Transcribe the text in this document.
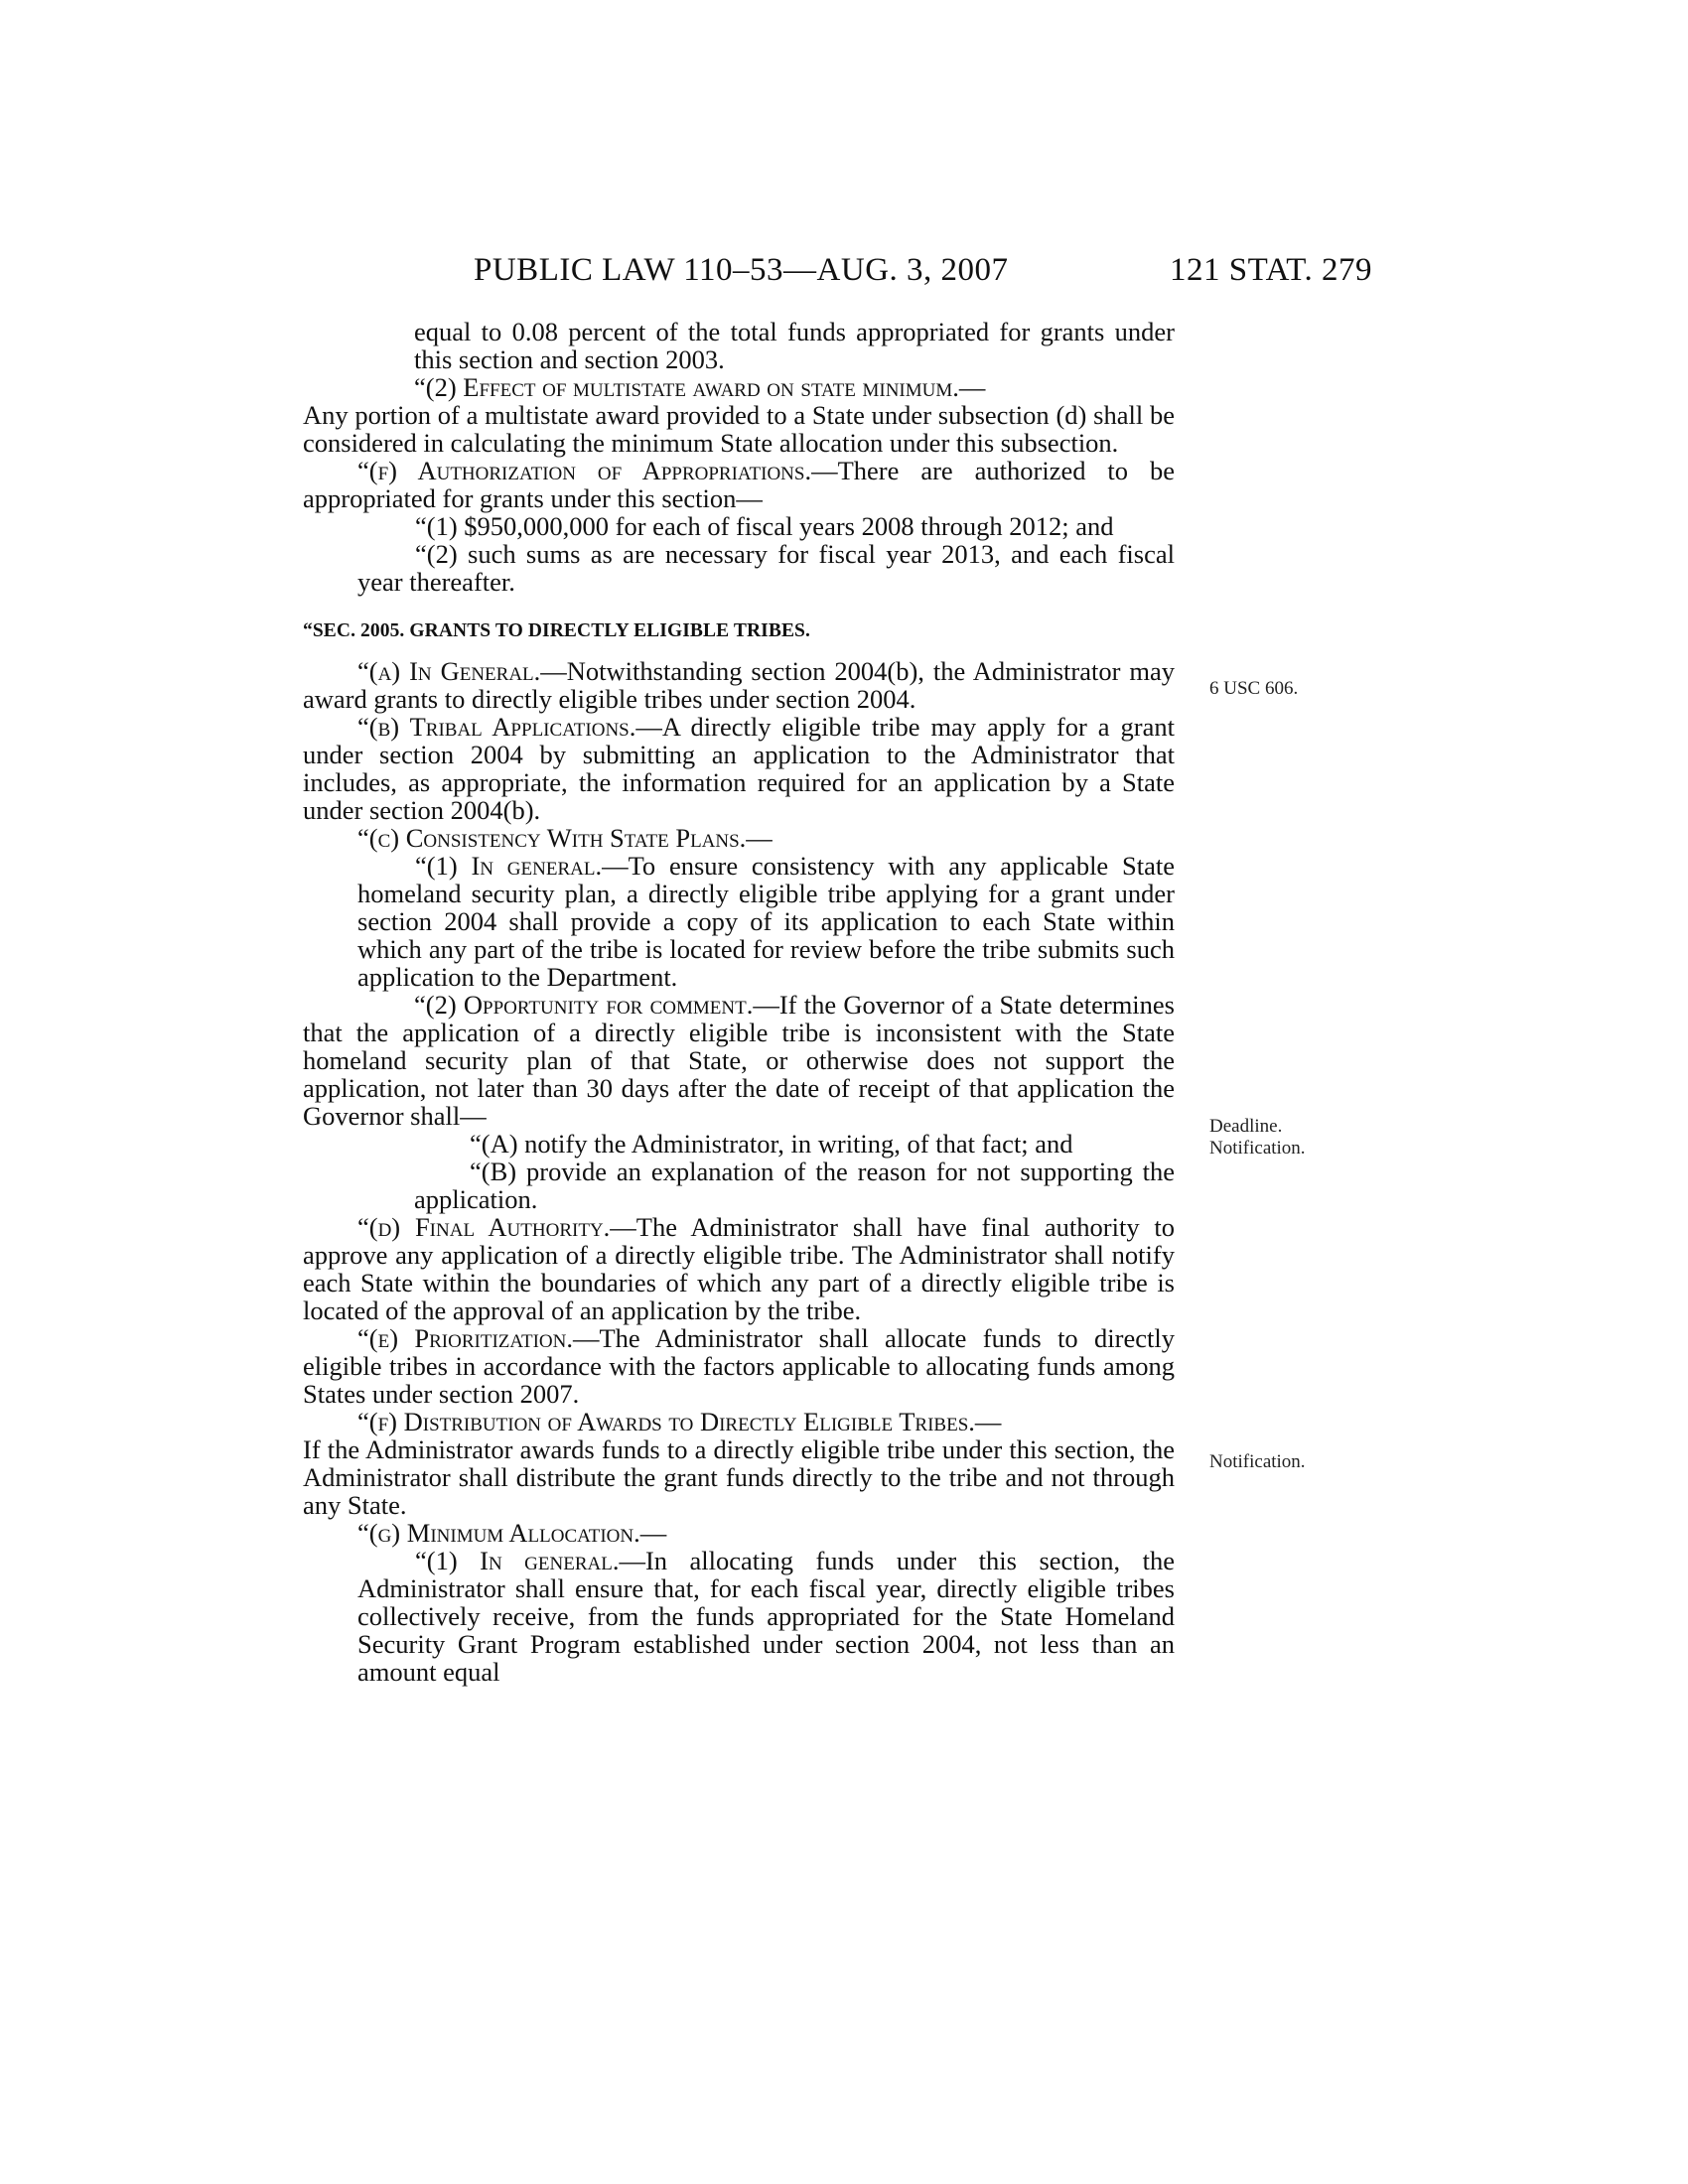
PUBLIC LAW 110–53—AUG. 3, 2007	121 STAT. 279

equal to 0.08 percent of the total funds appropriated for grants under this section and section 2003.

“(2) Effect of multistate award on state minimum.—

Any portion of a multistate award provided to a State under subsection (d) shall be considered in calculating the minimum State allocation under this subsection.

“(f) Authorization of Appropriations.—There are authorized to be appropriated for grants under this section—

“(1) $950,000,000 for each of fiscal years 2008 through 2012; and

“(2) such sums as are necessary for fiscal year 2013, and each fiscal year thereafter.

“SEC. 2005. GRANTS TO DIRECTLY ELIGIBLE TRIBES.

“(a) In General.—Notwithstanding section 2004(b), the Administrator may award grants to directly eligible tribes under section 2004.

“(b) Tribal Applications.—A directly eligible tribe may apply for a grant under section 2004 by submitting an application to the Administrator that includes, as appropriate, the information required for an application by a State under section 2004(b).

“(c) Consistency With State Plans.—

“(1) In general.—To ensure consistency with any applicable State homeland security plan, a directly eligible tribe applying for a grant under section 2004 shall provide a copy of its application to each State within which any part of the tribe is located for review before the tribe submits such application to the Department.

“(2) Opportunity for comment.—If the Governor of a State determines that the application of a directly eligible tribe is inconsistent with the State homeland security plan of that State, or otherwise does not support the application, not later than 30 days after the date of receipt of that application the Governor shall—

“(A) notify the Administrator, in writing, of that fact; and

“(B) provide an explanation of the reason for not supporting the application.

“(d) Final Authority.—The Administrator shall have final authority to approve any application of a directly eligible tribe. The Administrator shall notify each State within the boundaries of which any part of a directly eligible tribe is located of the approval of an application by the tribe.

“(e) Prioritization.—The Administrator shall allocate funds to directly eligible tribes in accordance with the factors applicable to allocating funds among States under section 2007.

“(f) Distribution of Awards to Directly Eligible Tribes.—

If the Administrator awards funds to a directly eligible tribe under this section, the Administrator shall distribute the grant funds directly to the tribe and not through any State.

“(g) Minimum Allocation.—

“(1) In general.—In allocating funds under this section, the Administrator shall ensure that, for each fiscal year, directly eligible tribes collectively receive, from the funds appropriated for the State Homeland Security Grant Program established under section 2004, not less than an amount equal

6 USC 606.
Deadline.
Notification.
Notification.
